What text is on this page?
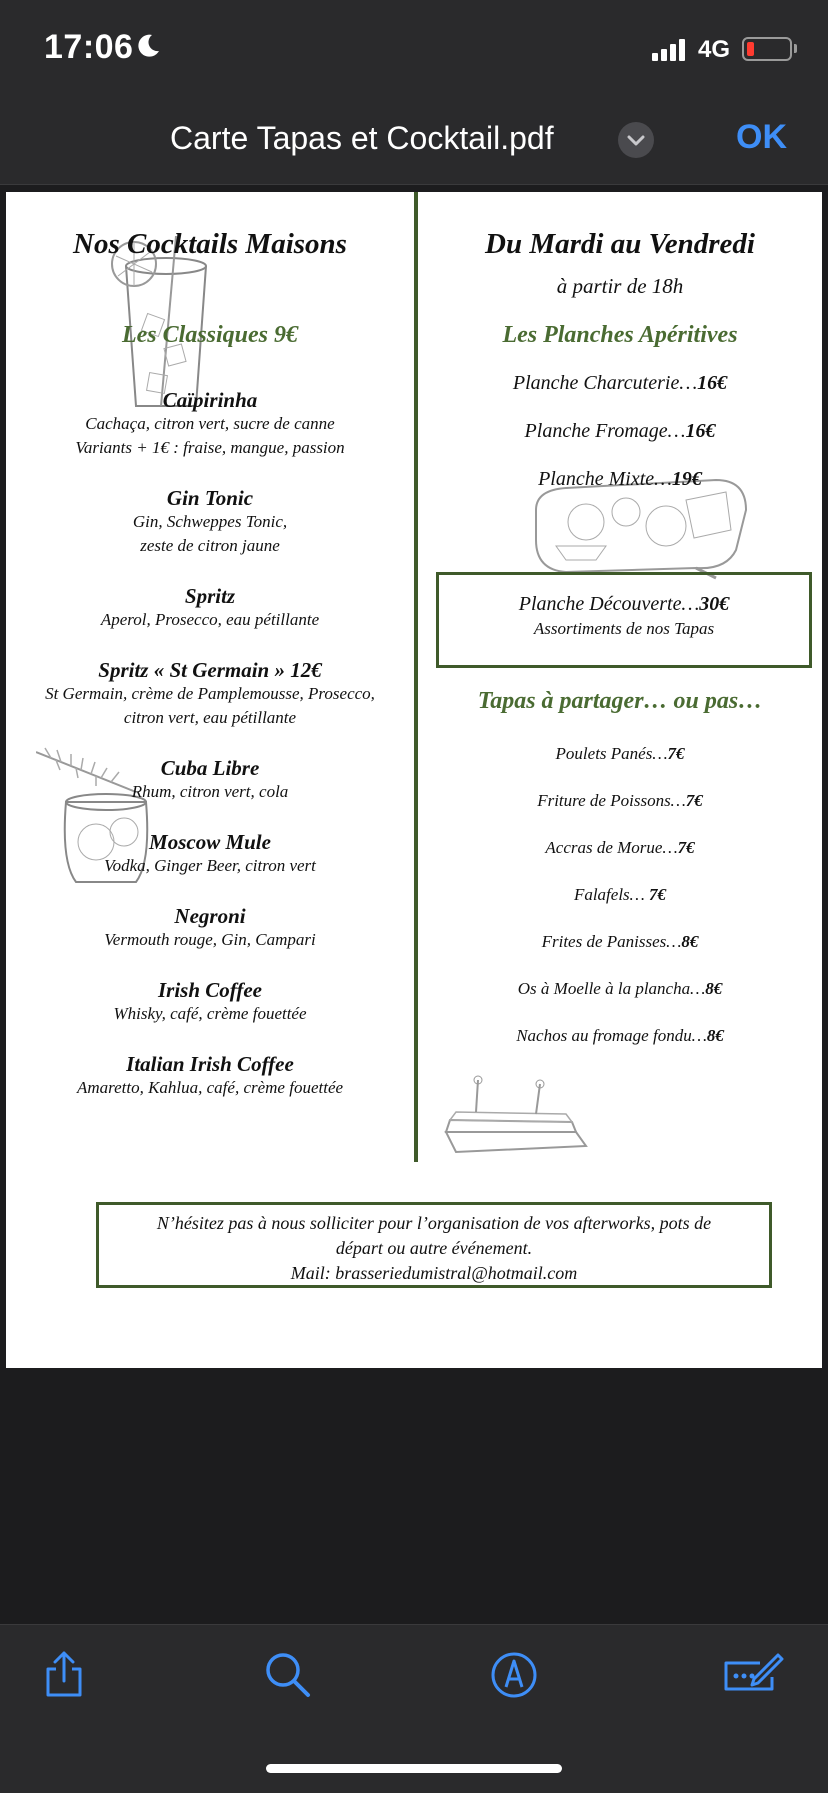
17:06	4G
Carte Tapas et Cocktail.pdf	OK
Nos Cocktails Maisons
Les Classiques 9€
Caïpirinha
Cachaça, citron vert, sucre de canne
Variants + 1€ : fraise, mangue, passion
Gin Tonic
Gin, Schweppes Tonic,
zeste de citron jaune
Spritz
Aperol, Prosecco, eau pétillante
Spritz « St Germain » 12€
St Germain, crème de Pamplemousse, Prosecco,
citron vert, eau pétillante
Cuba Libre
Rhum, citron vert, cola
Moscow Mule
Vodka, Ginger Beer, citron vert
Negroni
Vermouth rouge, Gin, Campari
Irish Coffee
Whisky, café, crème fouettée
Italian Irish Coffee
Amaretto, Kahlua, café, crème fouettée
Du Mardi au Vendredi
à partir de 18h
Les Planches Apéritives
Planche Charcuterie…16€
Planche Fromage…16€
Planche Mixte…19€
Planche Découverte…30€
Assortiments de nos Tapas
Tapas à partager… ou pas…
Poulets Panés…7€
Friture de Poissons…7€
Accras de Morue…7€
Falafels… 7€
Frites de Panisses…8€
Os à Moelle à la plancha…8€
Nachos au fromage fondu…8€
N’hésitez pas à nous solliciter pour l’organisation de vos afterworks, pots de
départ ou autre événement.
Mail: brasseriedumistral@hotmail.com
